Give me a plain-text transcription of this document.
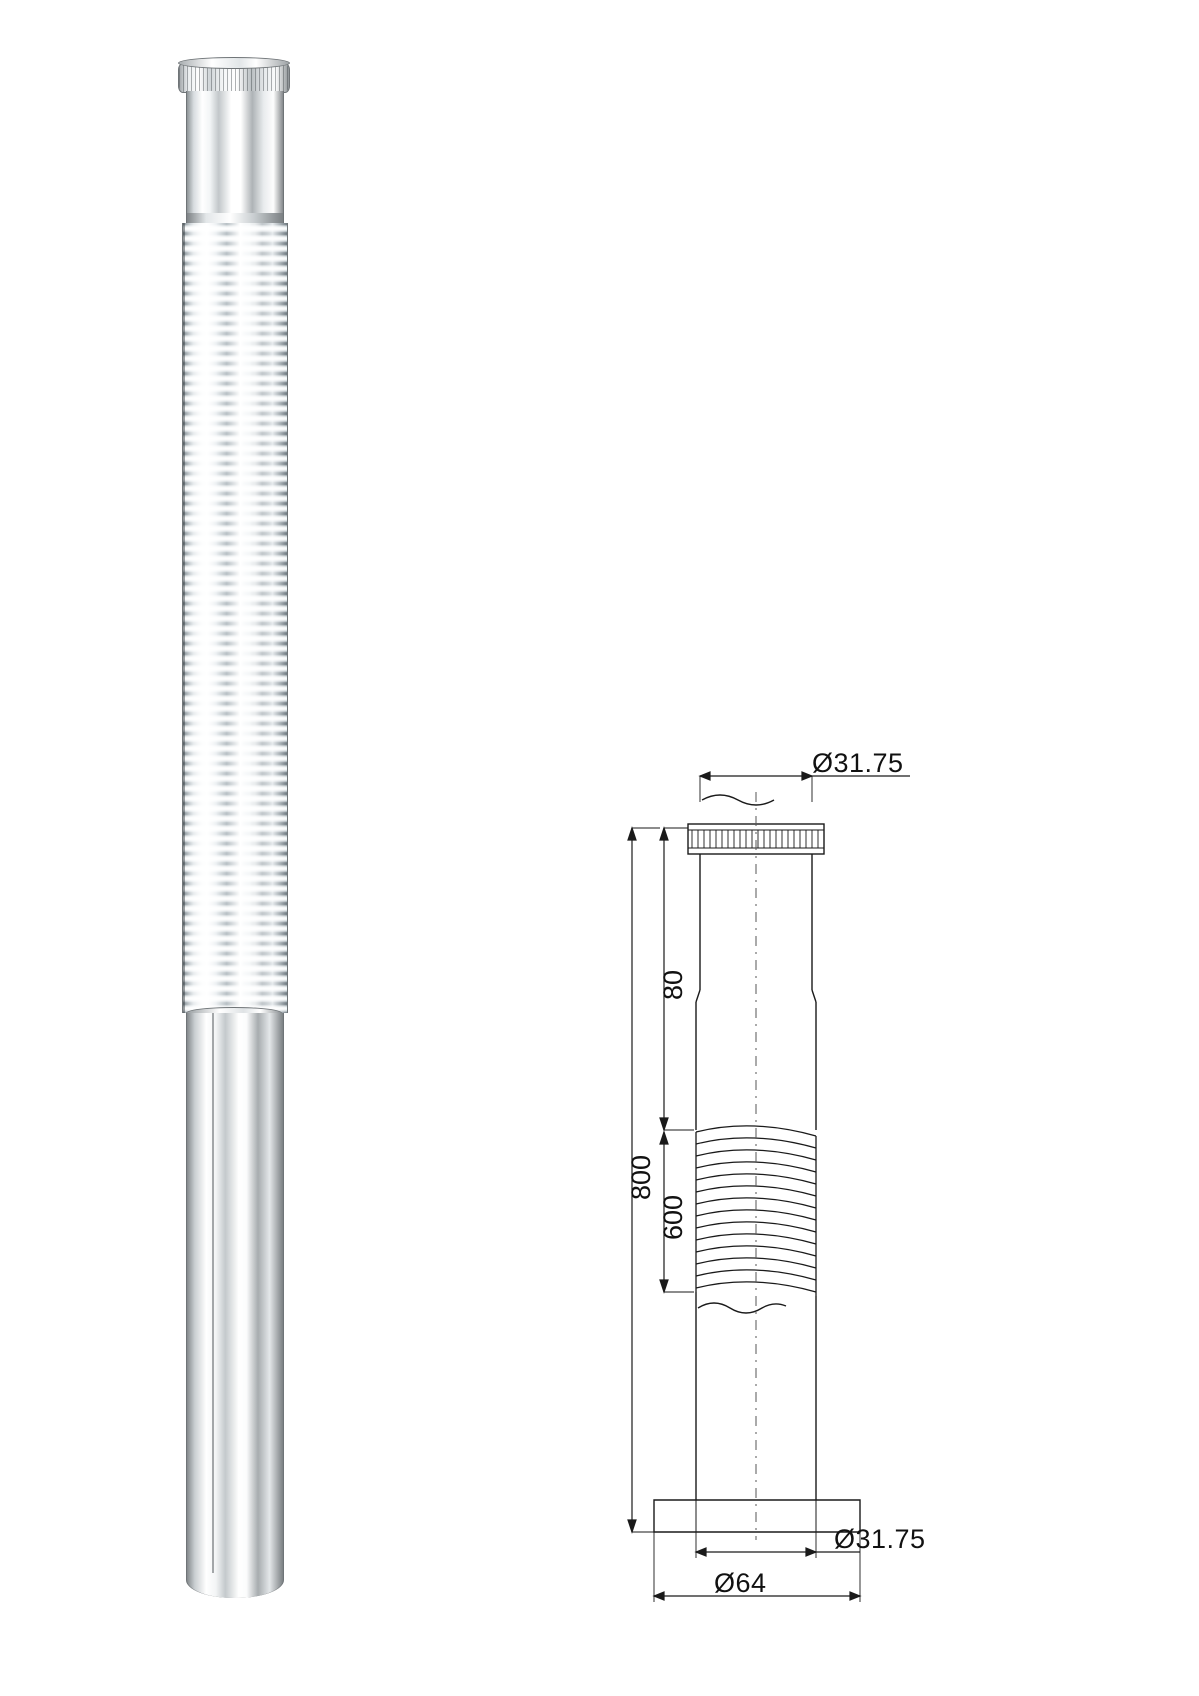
Ø31.75
80
600
800
Ø31.75
Ø64
